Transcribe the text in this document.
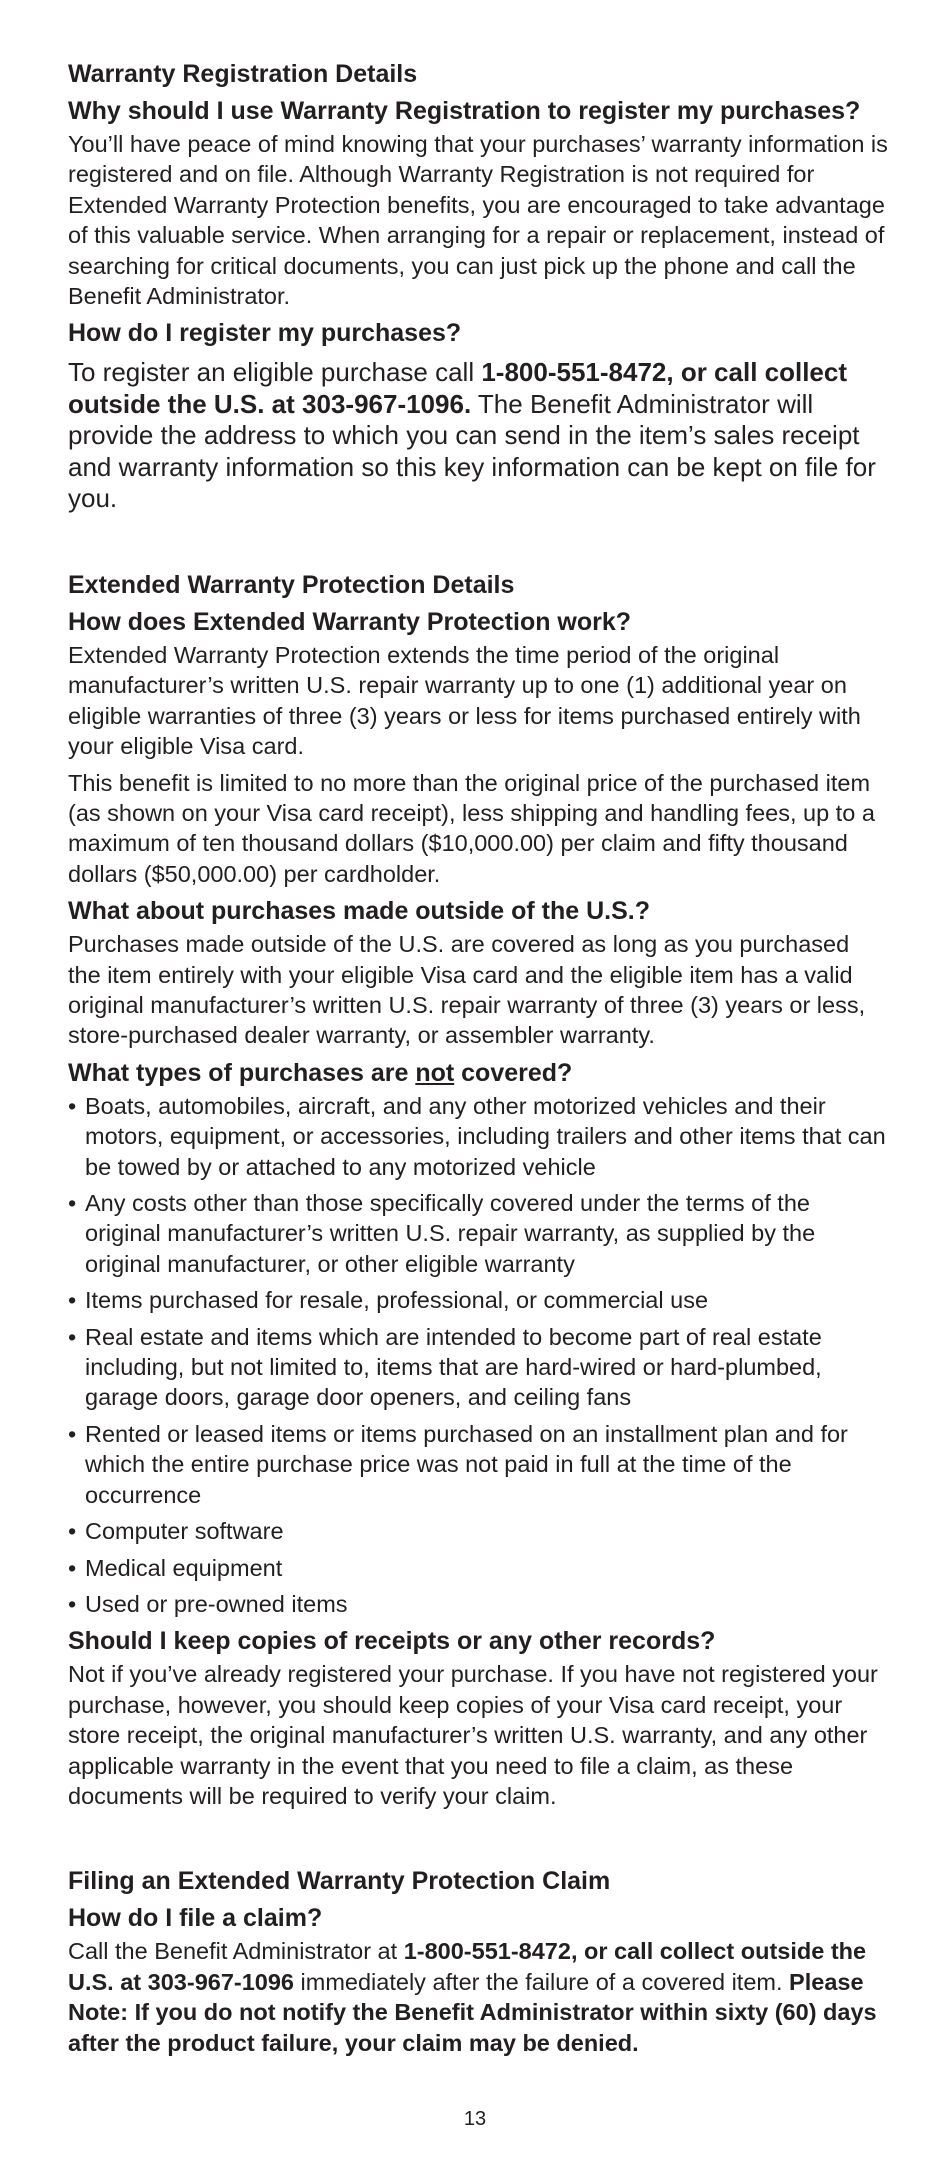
Warranty Registration Details

Why should I use Warranty Registration to register my purchases?

You’ll have peace of mind knowing that your purchases’ warranty information is registered and on file. Although Warranty Registration is not required for Extended Warranty Protection benefits, you are encouraged to take advantage of this valuable service. When arranging for a repair or replacement, instead of searching for critical documents, you can just pick up the phone and call the Benefit Administrator.

How do I register my purchases?

To register an eligible purchase call 1-800-551-8472, or call collect outside the U.S. at 303-967-1096. The Benefit Administrator will provide the address to which you can send in the item’s sales receipt and warranty information so this key information can be kept on file for you.

Extended Warranty Protection Details

How does Extended Warranty Protection work?

Extended Warranty Protection extends the time period of the original manufacturer’s written U.S. repair warranty up to one (1) additional year on eligible warranties of three (3) years or less for items purchased entirely with your eligible Visa card.

This benefit is limited to no more than the original price of the purchased item (as shown on your Visa card receipt), less shipping and handling fees, up to a maximum of ten thousand dollars ($10,000.00) per claim and fifty thousand dollars ($50,000.00) per cardholder.

What about purchases made outside of the U.S.?

Purchases made outside of the U.S. are covered as long as you purchased the item entirely with your eligible Visa card and the eligible item has a valid original manufacturer’s written U.S. repair warranty of three (3) years or less, store-purchased dealer warranty, or assembler warranty.

What types of purchases are not covered?

• Boats, automobiles, aircraft, and any other motorized vehicles and their motors, equipment, or accessories, including trailers and other items that can be towed by or attached to any motorized vehicle
• Any costs other than those specifically covered under the terms of the original manufacturer’s written U.S. repair warranty, as supplied by the original manufacturer, or other eligible warranty
• Items purchased for resale, professional, or commercial use
• Real estate and items which are intended to become part of real estate including, but not limited to, items that are hard-wired or hard-plumbed, garage doors, garage door openers, and ceiling fans
• Rented or leased items or items purchased on an installment plan and for which the entire purchase price was not paid in full at the time of the occurrence
• Computer software
• Medical equipment
• Used or pre-owned items

Should I keep copies of receipts or any other records?

Not if you’ve already registered your purchase. If you have not registered your purchase, however, you should keep copies of your Visa card receipt, your store receipt, the original manufacturer’s written U.S. warranty, and any other applicable warranty in the event that you need to file a claim, as these documents will be required to verify your claim.

Filing an Extended Warranty Protection Claim

How do I file a claim?

Call the Benefit Administrator at 1-800-551-8472, or call collect outside the U.S. at 303-967-1096 immediately after the failure of a covered item. Please Note: If you do not notify the Benefit Administrator within sixty (60) days after the product failure, your claim may be denied.

13
